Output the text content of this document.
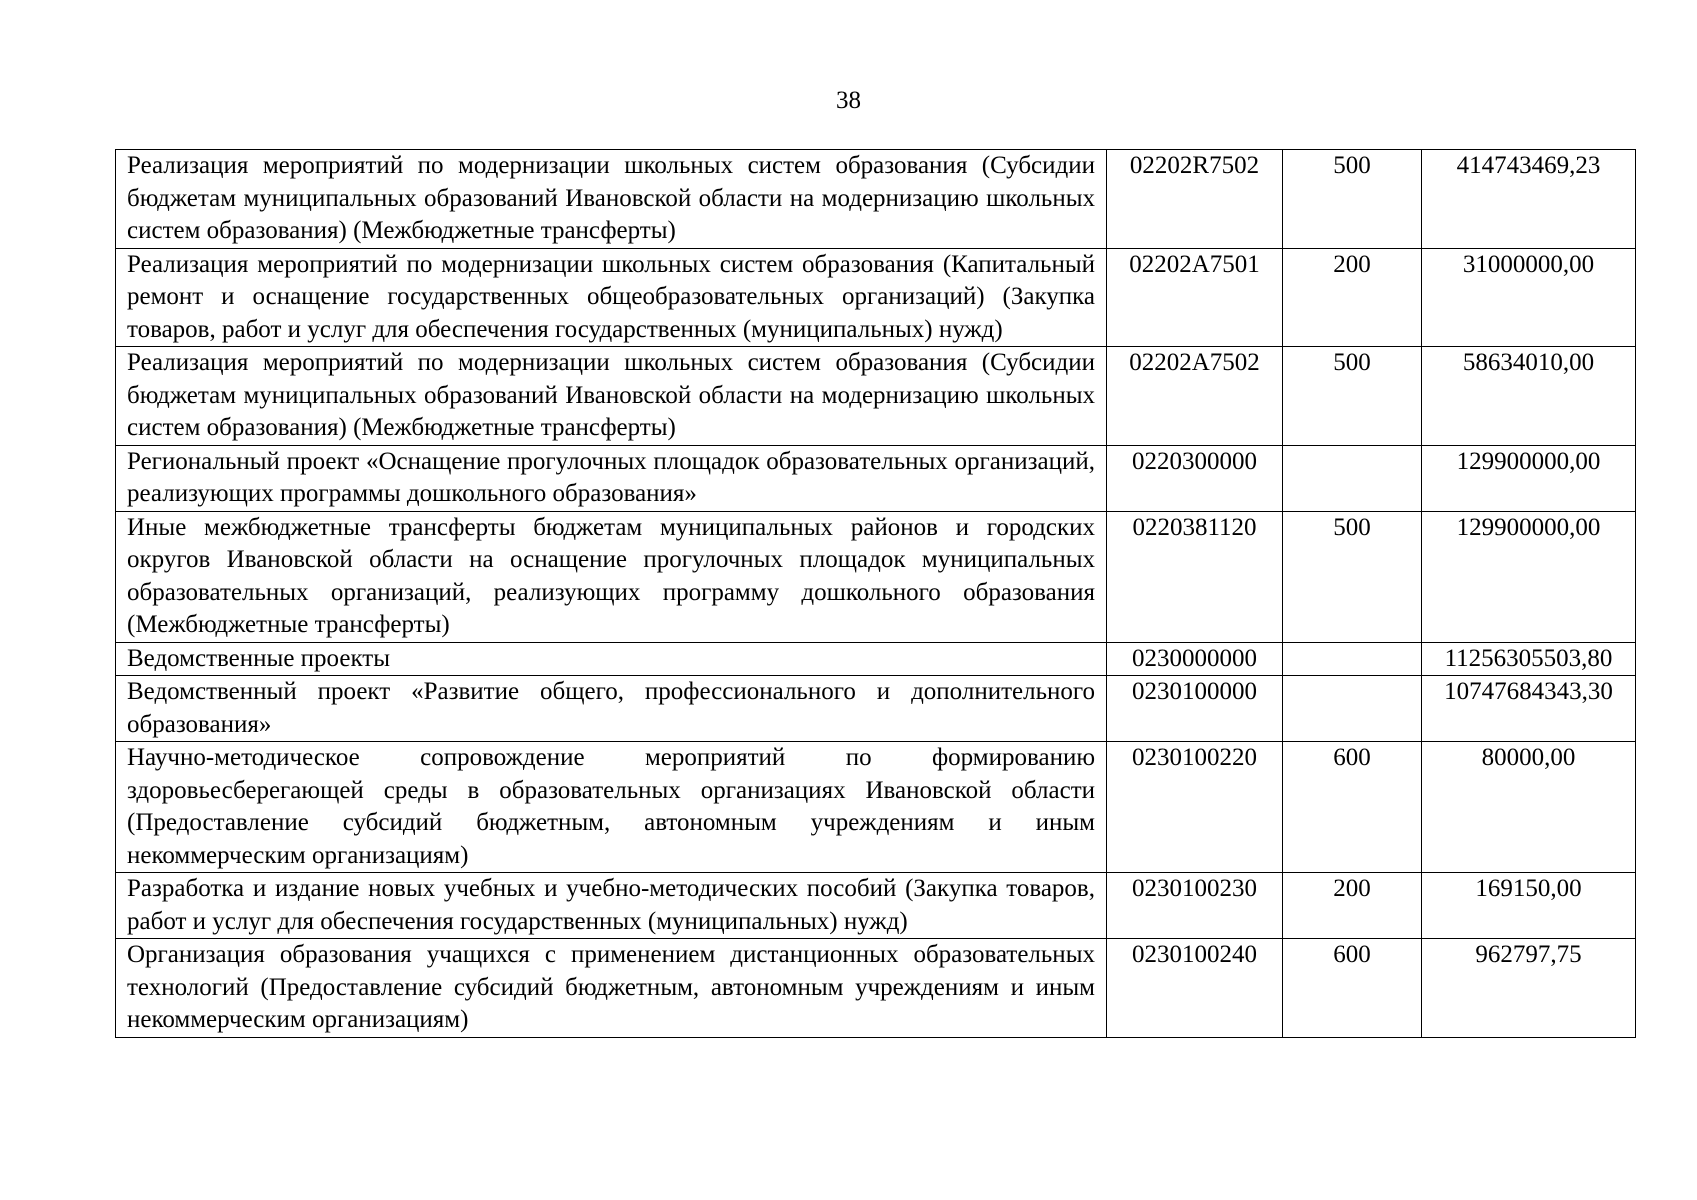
38
Реализация мероприятий по модернизации школьных систем образования (Субсидии бюджетам муниципальных образований Ивановской области на модернизацию школьных систем образования) (Межбюджетные трансферты)	02202R7502	500	414743469,23
Реализация мероприятий по модернизации школьных систем образования (Капитальный ремонт и оснащение государственных общеобразовательных организаций) (Закупка товаров, работ и услуг для обеспечения государственных (муниципальных) нужд)	02202A7501	200	31000000,00
Реализация мероприятий по модернизации школьных систем образования (Субсидии бюджетам муниципальных образований Ивановской области на модернизацию школьных систем образования) (Межбюджетные трансферты)	02202A7502	500	58634010,00
Региональный проект «Оснащение прогулочных площадок образовательных организаций, реализующих программы дошкольного образования»	0220300000		129900000,00
Иные межбюджетные трансферты бюджетам муниципальных районов и городских округов Ивановской области на оснащение прогулочных площадок муниципальных образовательных организаций, реализующих программу дошкольного образования (Межбюджетные трансферты)	0220381120	500	129900000,00
Ведомственные проекты	0230000000		11256305503,80
Ведомственный проект «Развитие общего, профессионального и дополнительного образования»	0230100000		10747684343,30
Научно-методическое сопровождение мероприятий по формированию здоровьесберегающей среды в образовательных организациях Ивановской области (Предоставление субсидий бюджетным, автономным учреждениям и иным некоммерческим организациям)	0230100220	600	80000,00
Разработка и издание новых учебных и учебно-методических пособий (Закупка товаров, работ и услуг для обеспечения государственных (муниципальных) нужд)	0230100230	200	169150,00
Организация образования учащихся с применением дистанционных образовательных технологий (Предоставление субсидий бюджетным, автономным учреждениям и иным некоммерческим организациям)	0230100240	600	962797,75
